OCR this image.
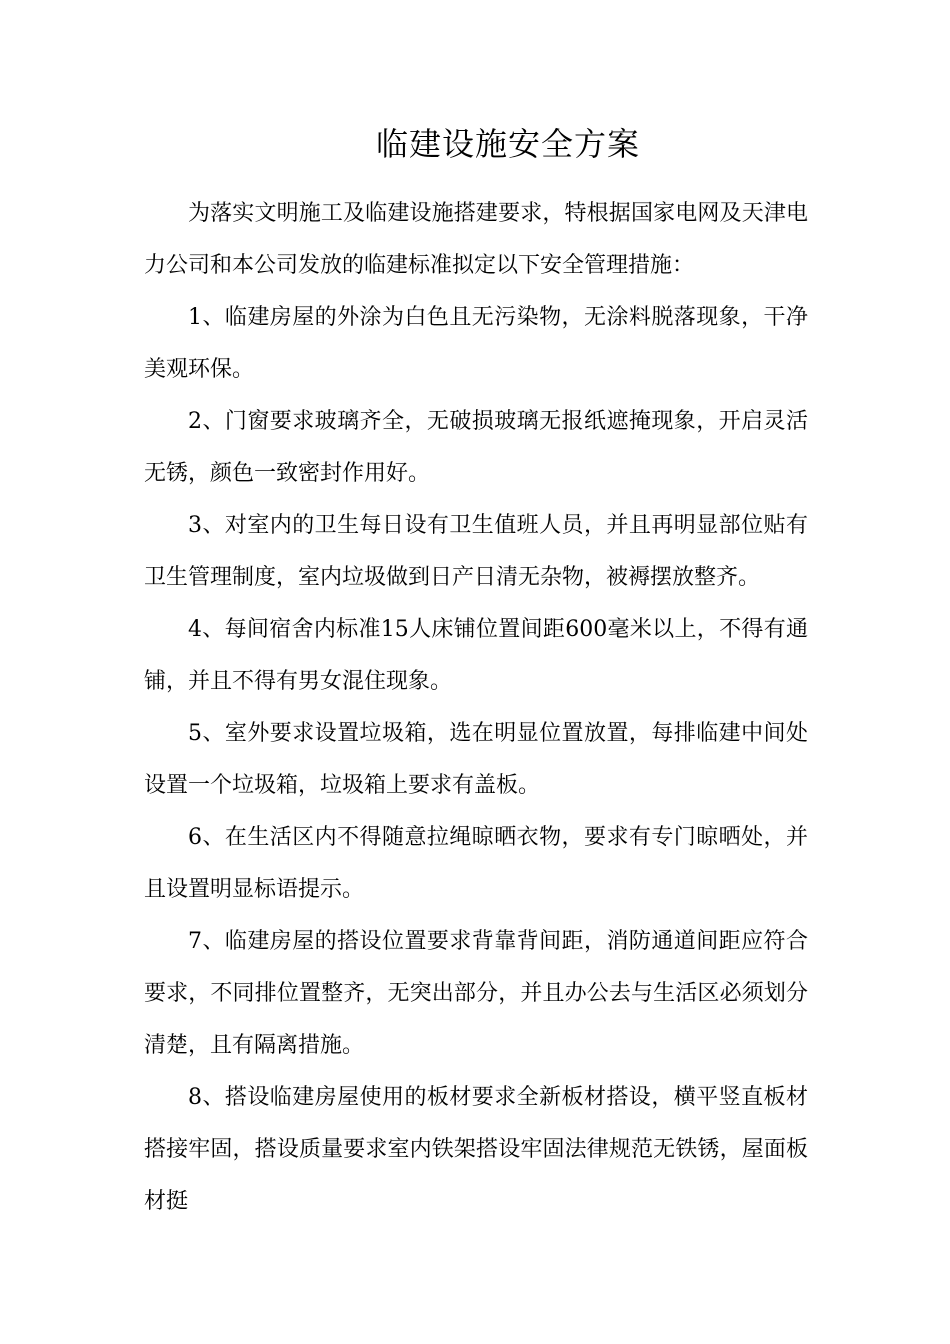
临建设施安全方案

为落实文明施工及临建设施搭建要求，特根据国家电网及天津电力公司和本公司发放的临建标准拟定以下安全管理措施：

1、临建房屋的外涂为白色且无污染物，无涂料脱落现象，干净美观环保。

2、门窗要求玻璃齐全，无破损玻璃无报纸遮掩现象，开启灵活无锈，颜色一致密封作用好。

3、对室内的卫生每日设有卫生值班人员，并且再明显部位贴有卫生管理制度，室内垃圾做到日产日清无杂物，被褥摆放整齐。

4、每间宿舍内标准15人床铺位置间距600毫米以上，不得有通铺，并且不得有男女混住现象。

5、室外要求设置垃圾箱，选在明显位置放置，每排临建中间处设置一个垃圾箱，垃圾箱上要求有盖板。

6、在生活区内不得随意拉绳晾晒衣物，要求有专门晾晒处，并且设置明显标语提示。

7、临建房屋的搭设位置要求背靠背间距，消防通道间距应符合要求，不同排位置整齐，无突出部分，并且办公去与生活区必须划分清楚，且有隔离措施。

8、搭设临建房屋使用的板材要求全新板材搭设，横平竖直板材搭接牢固，搭设质量要求室内铁架搭设牢固法律规范无铁锈，屋面板材挺
